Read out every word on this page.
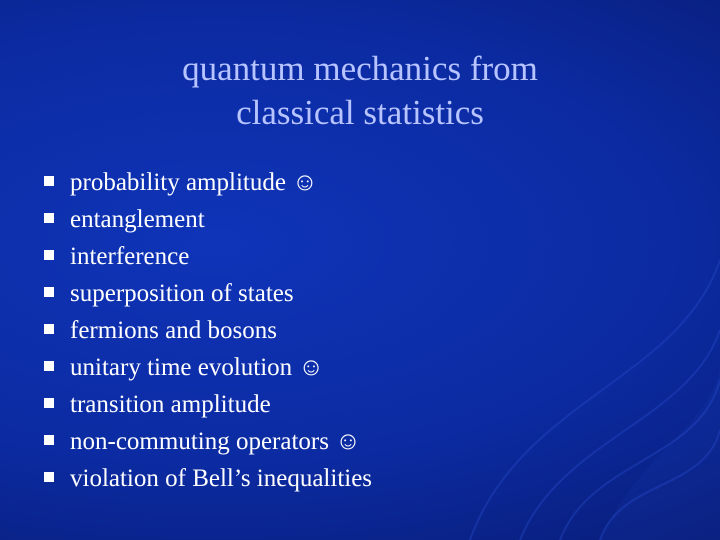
quantum mechanics from
classical statistics
probability amplitude ☺
entanglement
interference
superposition of states
fermions and bosons
unitary time evolution ☺
transition amplitude
non-commuting operators ☺
violation of Bell’s inequalities
